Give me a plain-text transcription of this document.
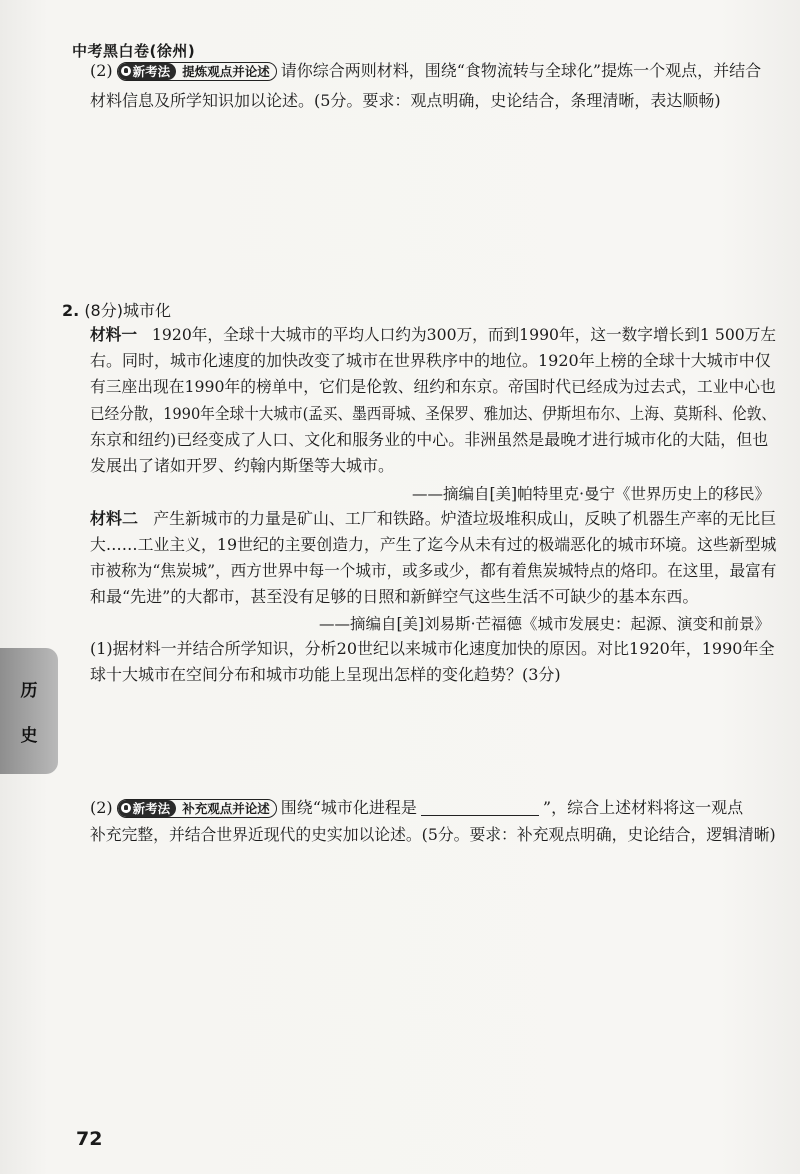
中考黑白卷(徐州)
(2) 新考法 提炼观点并论述 请你综合两则材料，围绕“食物流转与全球化”提炼一个观点，并结合
材料信息及所学知识加以论述。(5分。要求：观点明确，史论结合，条理清晰，表达顺畅)
2. (8分)城市化
材料一 1920年，全球十大城市的平均人口约为300万，而到1990年，这一数字增长到1 500万左
右。同时，城市化速度的加快改变了城市在世界秩序中的地位。1920年上榜的全球十大城市中仅
有三座出现在1990年的榜单中，它们是伦敦、纽约和东京。帝国时代已经成为过去式，工业中心也
已经分散，1990年全球十大城市(孟买、墨西哥城、圣保罗、雅加达、伊斯坦布尔、上海、莫斯科、伦敦、
东京和纽约)已经变成了人口、文化和服务业的中心。非洲虽然是最晚才进行城市化的大陆，但也
发展出了诸如开罗、约翰内斯堡等大城市。
——摘编自[美]帕特里克·曼宁《世界历史上的移民》
材料二 产生新城市的力量是矿山、工厂和铁路。炉渣垃圾堆积成山，反映了机器生产率的无比巨
大……工业主义，19世纪的主要创造力，产生了迄今从未有过的极端恶化的城市环境。这些新型城
市被称为“焦炭城”，西方世界中每一个城市，或多或少，都有着焦炭城特点的烙印。在这里，最富有
和最“先进”的大都市，甚至没有足够的日照和新鲜空气这些生活不可缺少的基本东西。
——摘编自[美]刘易斯·芒福德《城市发展史：起源、演变和前景》
(1)据材料一并结合所学知识，分析20世纪以来城市化速度加快的原因。对比1920年，1990年全
球十大城市在空间分布和城市功能上呈现出怎样的变化趋势？(3分)
历
史
(2) 新考法 补充观点并论述 围绕“城市化进程是	”，综合上述材料将这一观点
补充完整，并结合世界近现代的史实加以论述。(5分。要求：补充观点明确，史论结合，逻辑清晰)
72
